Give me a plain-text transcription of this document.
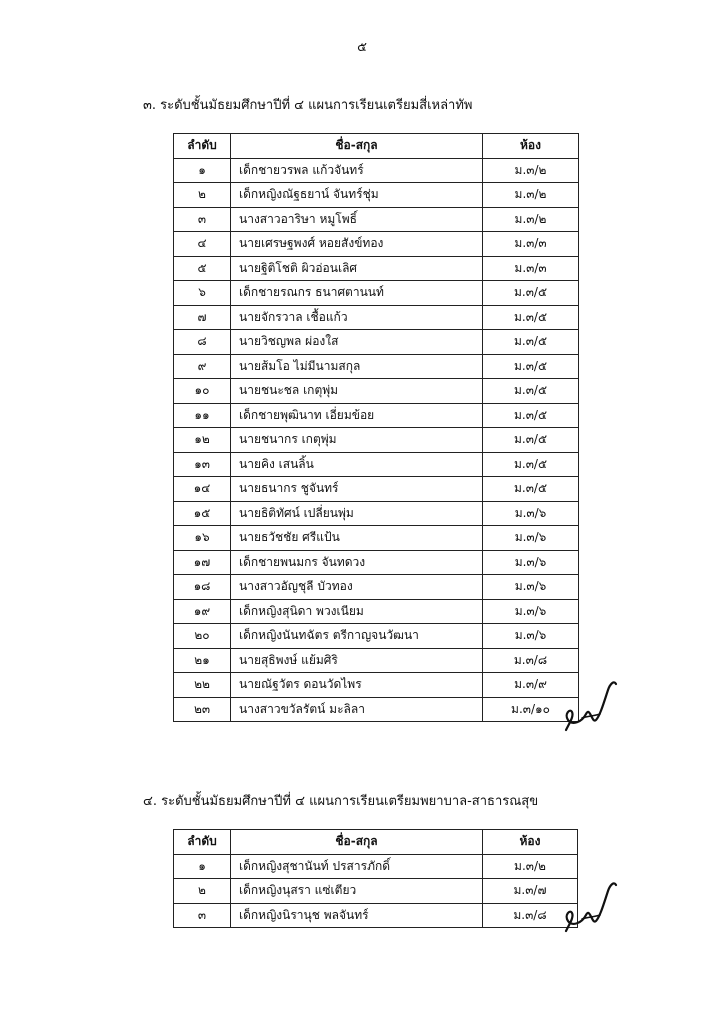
๕
๓. ระดับชั้นมัธยมศึกษาปีที่ ๔ แผนการเรียนเตรียมสี่เหล่าทัพ
ลำดับ	ชื่อ-สกุล	ห้อง
๑	เด็กชายวรพล แก้วจันทร์	ม.๓/๒
๒	เด็กหญิงณัฐธยาน์ จันทร์ชุ่ม	ม.๓/๒
๓	นางสาวอาริษา หมูโพธิ์	ม.๓/๒
๔	นายเศรษฐพงศ์ หอยสังข์ทอง	ม.๓/๓
๕	นายฐิติโชติ ผิวอ่อนเลิศ	ม.๓/๓
๖	เด็กชายรณกร ธนาศตานนท์	ม.๓/๕
๗	นายจักรวาล เชื้อแก้ว	ม.๓/๕
๘	นายวิชญพล ผ่องใส	ม.๓/๕
๙	นายส้มโอ ไม่มีนามสกุล	ม.๓/๕
๑๐	นายชนะชล เกตุพุ่ม	ม.๓/๕
๑๑	เด็กชายพุฒินาท เอี่ยมข้อย	ม.๓/๕
๑๒	นายชนากร เกตุพุ่ม	ม.๓/๕
๑๓	นายคิง เสนลิ้น	ม.๓/๕
๑๔	นายธนากร ชูจันทร์	ม.๓/๕
๑๕	นายธิติทัศน์ เปลี่ยนพุ่ม	ม.๓/๖
๑๖	นายธวัชชัย ศรีแป้น	ม.๓/๖
๑๗	เด็กชายพนมกร จันทดวง	ม.๓/๖
๑๘	นางสาวอัญชุลี บัวทอง	ม.๓/๖
๑๙	เด็กหญิงสุนิดา พวงเนียม	ม.๓/๖
๒๐	เด็กหญิงนันทฉัตร ตรีกาญจนวัฒนา	ม.๓/๖
๒๑	นายสุธิพงษ์ แย้มศิริ	ม.๓/๘
๒๒	นายณัฐวัตร ดอนวัดไพร	ม.๓/๙
๒๓	นางสาวขวัลรัตน์ มะลิลา	ม.๓/๑๐
๔. ระดับชั้นมัธยมศึกษาปีที่ ๔ แผนการเรียนเตรียมพยาบาล-สาธารณสุข
ลำดับ	ชื่อ-สกุล	ห้อง
๑	เด็กหญิงสุชานันท์ ปรสารภักดิ์	ม.๓/๒
๒	เด็กหญิงนุสรา แซ่เตียว	ม.๓/๗
๓	เด็กหญิงนิรานุช พลจันทร์	ม.๓/๘
